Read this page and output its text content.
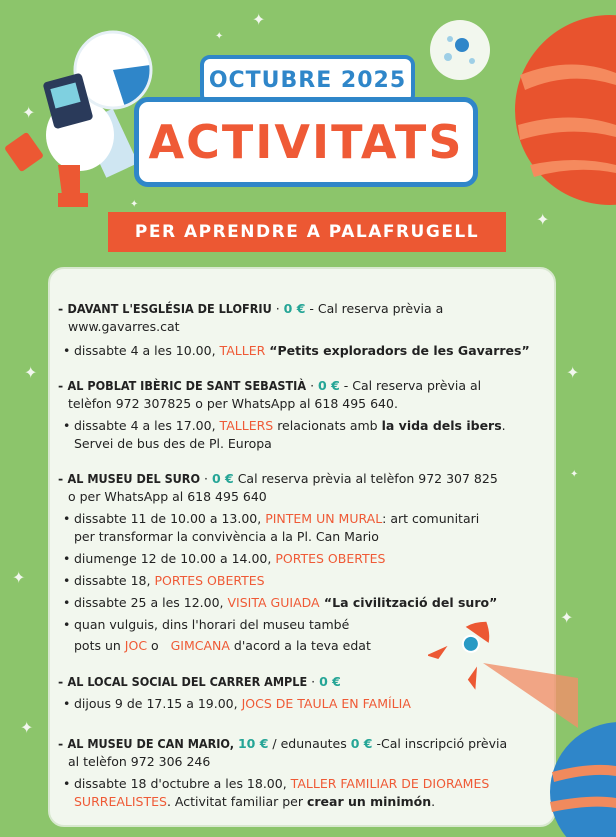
✦
✦
✦
✦
✦
✦
✦
✦
✦
✦
✦
OCTUBRE 2025
ACTIVITATS
PER APRENDRE A PALAFRUGELL
- DAVANT L'ESGLÉSIA DE LLOFRIU · 0 € - Cal reserva prèvia a
www.gavarres.cat
• dissabte 4 a les 10.00, TALLER “Petits exploradors de les Gavarres”
- AL POBLAT IBÈRIC DE SANT SEBASTIÀ · 0 € - Cal reserva prèvia al
telèfon 972 307825 o per WhatsApp al 618 495 640.
• dissabte 4 a les 17.00, TALLERS relacionats amb la vida dels ibers.
Servei de bus des de Pl. Europa
- AL MUSEU DEL SURO · 0 € Cal reserva prèvia al telèfon 972 307 825
o per WhatsApp al 618 495 640
• dissabte 11 de 10.00 a 13.00, PINTEM UN MURAL: art comunitari
per transformar la convivència a la Pl. Can Mario
• diumenge 12 de 10.00 a 14.00, PORTES OBERTES
• dissabte 18, PORTES OBERTES
• dissabte 25 a les 12.00, VISITA GUIADA “La civilització del suro”
• quan vulguis, dins l'horari del museu també
pots un JOC o   GIMCANA d'acord a la teva edat
- AL LOCAL SOCIAL DEL CARRER AMPLE · 0 €
• dijous 9 de 17.15 a 19.00, JOCS DE TAULA EN FAMÍLIA
- AL MUSEU DE CAN MARIO, 10 € / edunautes 0 € -Cal inscripció prèvia
al telèfon 972 306 246
• dissabte 18 d'octubre a les 18.00, TALLER FAMILIAR DE DIORAMES
SURREALISTES. Activitat familiar per crear un minimón.
